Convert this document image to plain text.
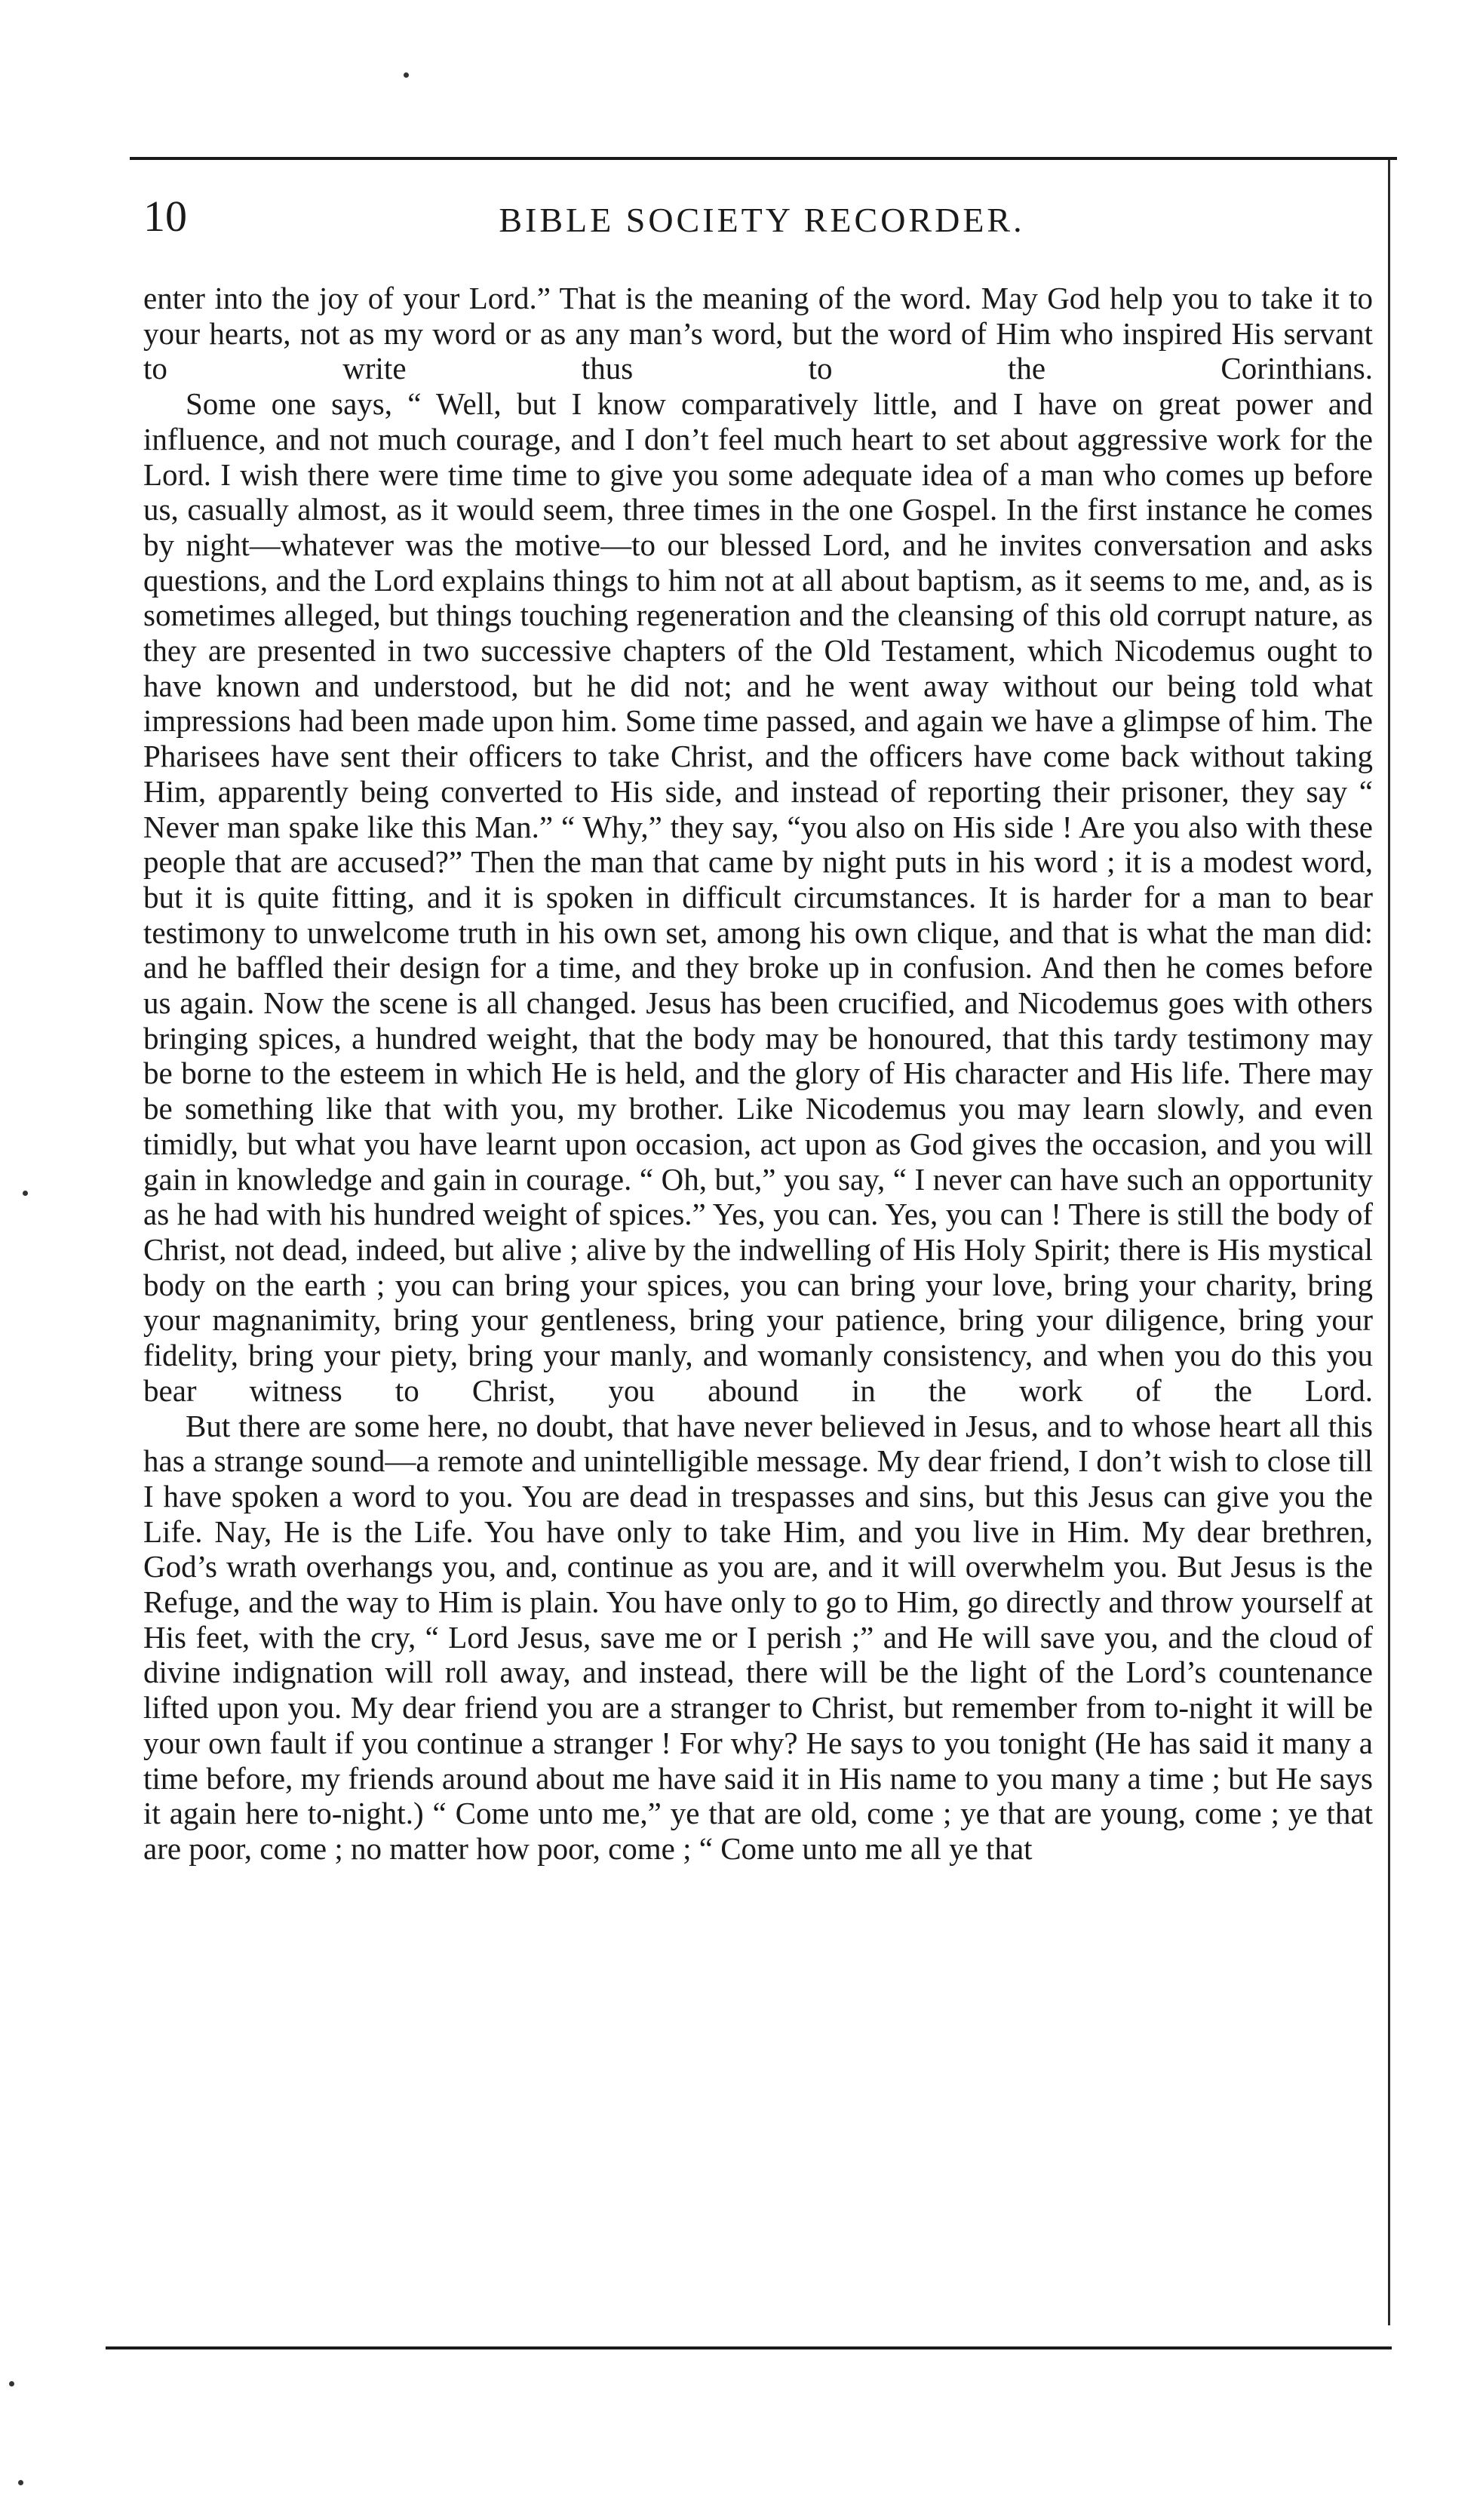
10	BIBLE SOCIETY RECORDER.

enter into the joy of your Lord.” That is the meaning of the word. May God help you to take it to your hearts, not as my word or as any man’s word, but the word of Him who inspired His servant to write thus to the Corinthians.

Some one says, “ Well, but I know comparatively little, and I have on great power and influence, and not much courage, and I don’t feel much heart to set about aggressive work for the Lord. I wish there were time time to give you some adequate idea of a man who comes up before us, casually almost, as it would seem, three times in the one Gospel. In the first instance he comes by night—whatever was the motive—to our blessed Lord, and he invites conversation and asks questions, and the Lord explains things to him not at all about baptism, as it seems to me, and, as is sometimes alleged, but things touching regeneration and the cleansing of this old corrupt nature, as they are presented in two successive chapters of the Old Testament, which Nicodemus ought to have known and understood, but he did not; and he went away without our being told what impressions had been made upon him. Some time passed, and again we have a glimpse of him. The Pharisees have sent their officers to take Christ, and the officers have come back without taking Him, apparently being converted to His side, and instead of reporting their prisoner, they say “ Never man spake like this Man.” “ Why,” they say, “you also on His side ! Are you also with these people that are accused?” Then the man that came by night puts in his word ; it is a modest word, but it is quite fitting, and it is spoken in difficult circumstances. It is harder for a man to bear testimony to unwelcome truth in his own set, among his own clique, and that is what the man did: and he baffled their design for a time, and they broke up in confusion. And then he comes before us again. Now the scene is all changed. Jesus has been crucified, and Nicodemus goes with others bringing spices, a hundred weight, that the body may be honoured, that this tardy testimony may be borne to the esteem in which He is held, and the glory of His character and His life. There may be something like that with you, my brother. Like Nicodemus you may learn slowly, and even timidly, but what you have learnt upon occasion, act upon as God gives the occasion, and you will gain in knowledge and gain in courage. “ Oh, but,” you say, “ I never can have such an opportunity as he had with his hundred weight of spices.” Yes, you can. Yes, you can ! There is still the body of Christ, not dead, indeed, but alive ; alive by the indwelling of His Holy Spirit; there is His mystical body on the earth ; you can bring your spices, you can bring your love, bring your charity, bring your magnanimity, bring your gentleness, bring your patience, bring your diligence, bring your fidelity, bring your piety, bring your manly, and womanly consistency, and when you do this you bear witness to Christ, you abound in the work of the Lord.

But there are some here, no doubt, that have never believed in Jesus, and to whose heart all this has a strange sound—a remote and unintelligible message. My dear friend, I don’t wish to close till I have spoken a word to you. You are dead in trespasses and sins, but this Jesus can give you the Life. Nay, He is the Life. You have only to take Him, and you live in Him. My dear brethren, God’s wrath overhangs you, and, continue as you are, and it will overwhelm you. But Jesus is the Refuge, and the way to Him is plain. You have only to go to Him, go directly and throw yourself at His feet, with the cry, “ Lord Jesus, save me or I perish ;” and He will save you, and the cloud of divine indignation will roll away, and instead, there will be the light of the Lord’s countenance lifted upon you. My dear friend you are a stranger to Christ, but remember from to-night it will be your own fault if you continue a stranger ! For why? He says to you tonight (He has said it many a time before, my friends around about me have said it in His name to you many a time ; but He says it again here to-night.) “ Come unto me,” ye that are old, come ; ye that are young, come ; ye that are poor, come ; no matter how poor, come ; “ Come unto me all ye that
